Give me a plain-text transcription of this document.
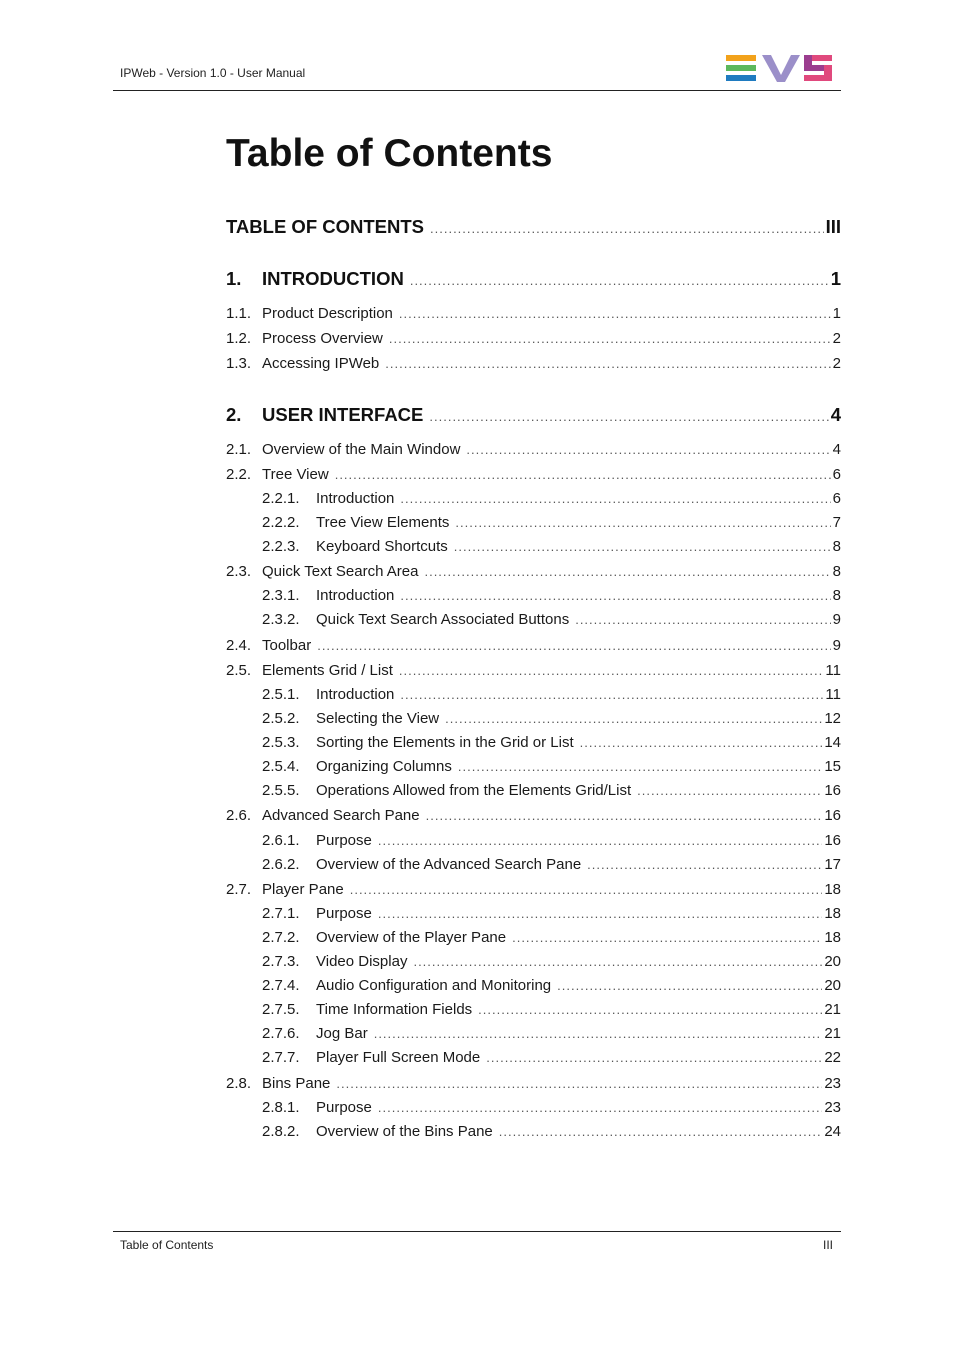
IPWeb - Version 1.0 - User Manual
Table of Contents
TABLE OF CONTENTS .....	III
1.	INTRODUCTION .....	1
1.1. Product Description .....	1
1.2. Process Overview .....	2
1.3. Accessing IPWeb .....	2
2.	USER INTERFACE .....	4
2.1. Overview of the Main Window .....	4
2.2. Tree View .....	6
2.2.1.	Introduction .....	6
2.2.2.	Tree View Elements .....	7
2.2.3.	Keyboard Shortcuts .....	8
2.3. Quick Text Search Area .....	8
2.3.1.	Introduction .....	8
2.3.2.	Quick Text Search Associated Buttons .....	9
2.4. Toolbar .....	9
2.5. Elements Grid / List .....	11
2.5.1.	Introduction .....	11
2.5.2.	Selecting the View .....	12
2.5.3.	Sorting the Elements in the Grid or List .....	14
2.5.4.	Organizing Columns .....	15
2.5.5.	Operations Allowed from the Elements Grid/List .....	16
2.6. Advanced Search Pane .....	16
2.6.1.	Purpose .....	16
2.6.2.	Overview of the Advanced Search Pane .....	17
2.7. Player Pane .....	18
2.7.1.	Purpose .....	18
2.7.2.	Overview of the Player Pane .....	18
2.7.3.	Video Display .....	20
2.7.4.	Audio Configuration and Monitoring .....	20
2.7.5.	Time Information Fields .....	21
2.7.6.	Jog Bar .....	21
2.7.7.	Player Full Screen Mode .....	22
2.8. Bins Pane .....	23
2.8.1.	Purpose .....	23
2.8.2.	Overview of the Bins Pane .....	24
Table of Contents	III
